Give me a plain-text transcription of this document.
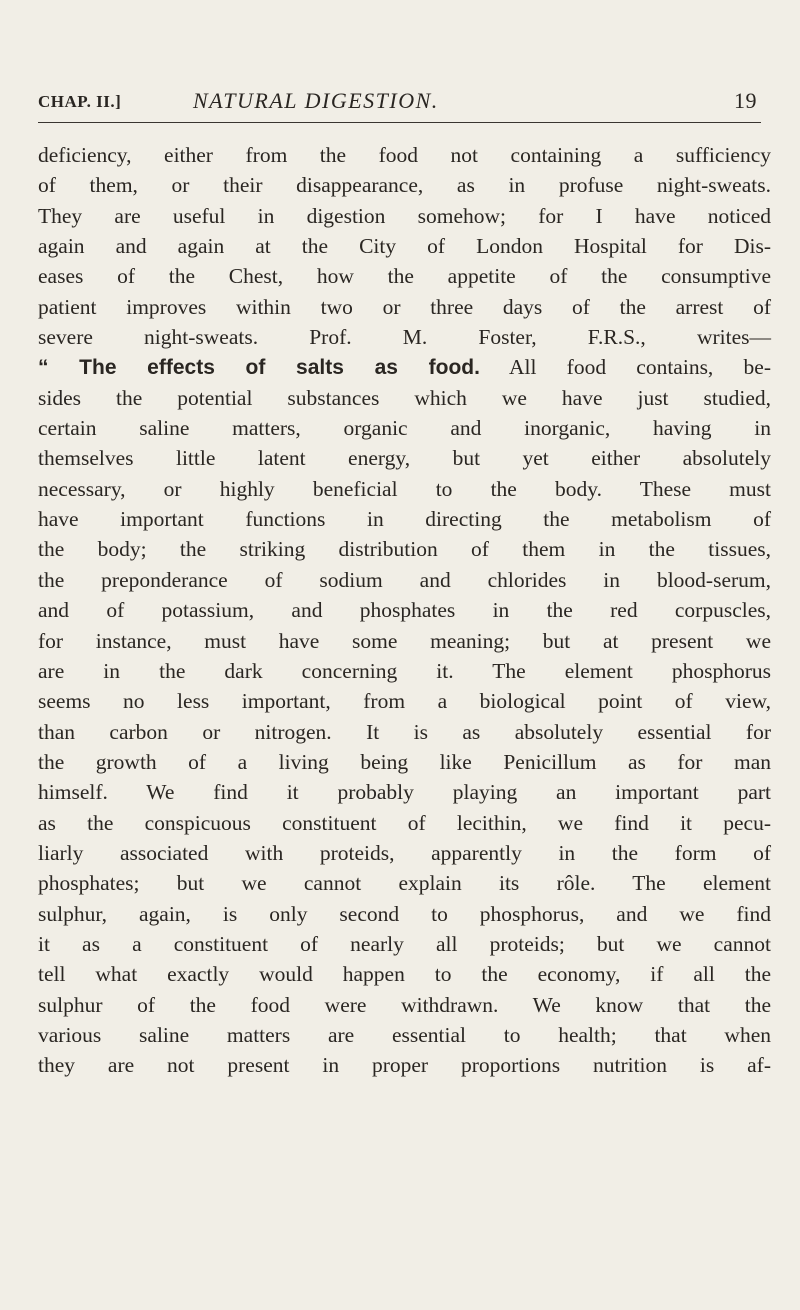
CHAP. II.]	NATURAL DIGESTION.	19
deficiency, either from the food not containing a sufficiency
of them, or their disappearance, as in profuse night-sweats.
They are useful in digestion somehow; for I have noticed
again and again at the City of London Hospital for Dis-
eases of the Chest, how the appetite of the consumptive
patient improves within two or three days of the arrest of
severe night-sweats. Prof. M. Foster, F.R.S., writes—
“ The effects of salts as food. All food contains, be-
sides the potential substances which we have just studied,
certain saline matters, organic and inorganic, having in
themselves little latent energy, but yet either absolutely
necessary, or highly beneficial to the body. These must
have important functions in directing the metabolism of
the body; the striking distribution of them in the tissues,
the preponderance of sodium and chlorides in blood-serum,
and of potassium, and phosphates in the red corpuscles,
for instance, must have some meaning; but at present we
are in the dark concerning it. The element phosphorus
seems no less important, from a biological point of view,
than carbon or nitrogen. It is as absolutely essential for
the growth of a living being like Penicillum as for man
himself. We find it probably playing an important part
as the conspicuous constituent of lecithin, we find it pecu-
liarly associated with proteids, apparently in the form of
phosphates; but we cannot explain its rôle. The element
sulphur, again, is only second to phosphorus, and we find
it as a constituent of nearly all proteids; but we cannot
tell what exactly would happen to the economy, if all the
sulphur of the food were withdrawn. We know that the
various saline matters are essential to health; that when
they are not present in proper proportions nutrition is af-
